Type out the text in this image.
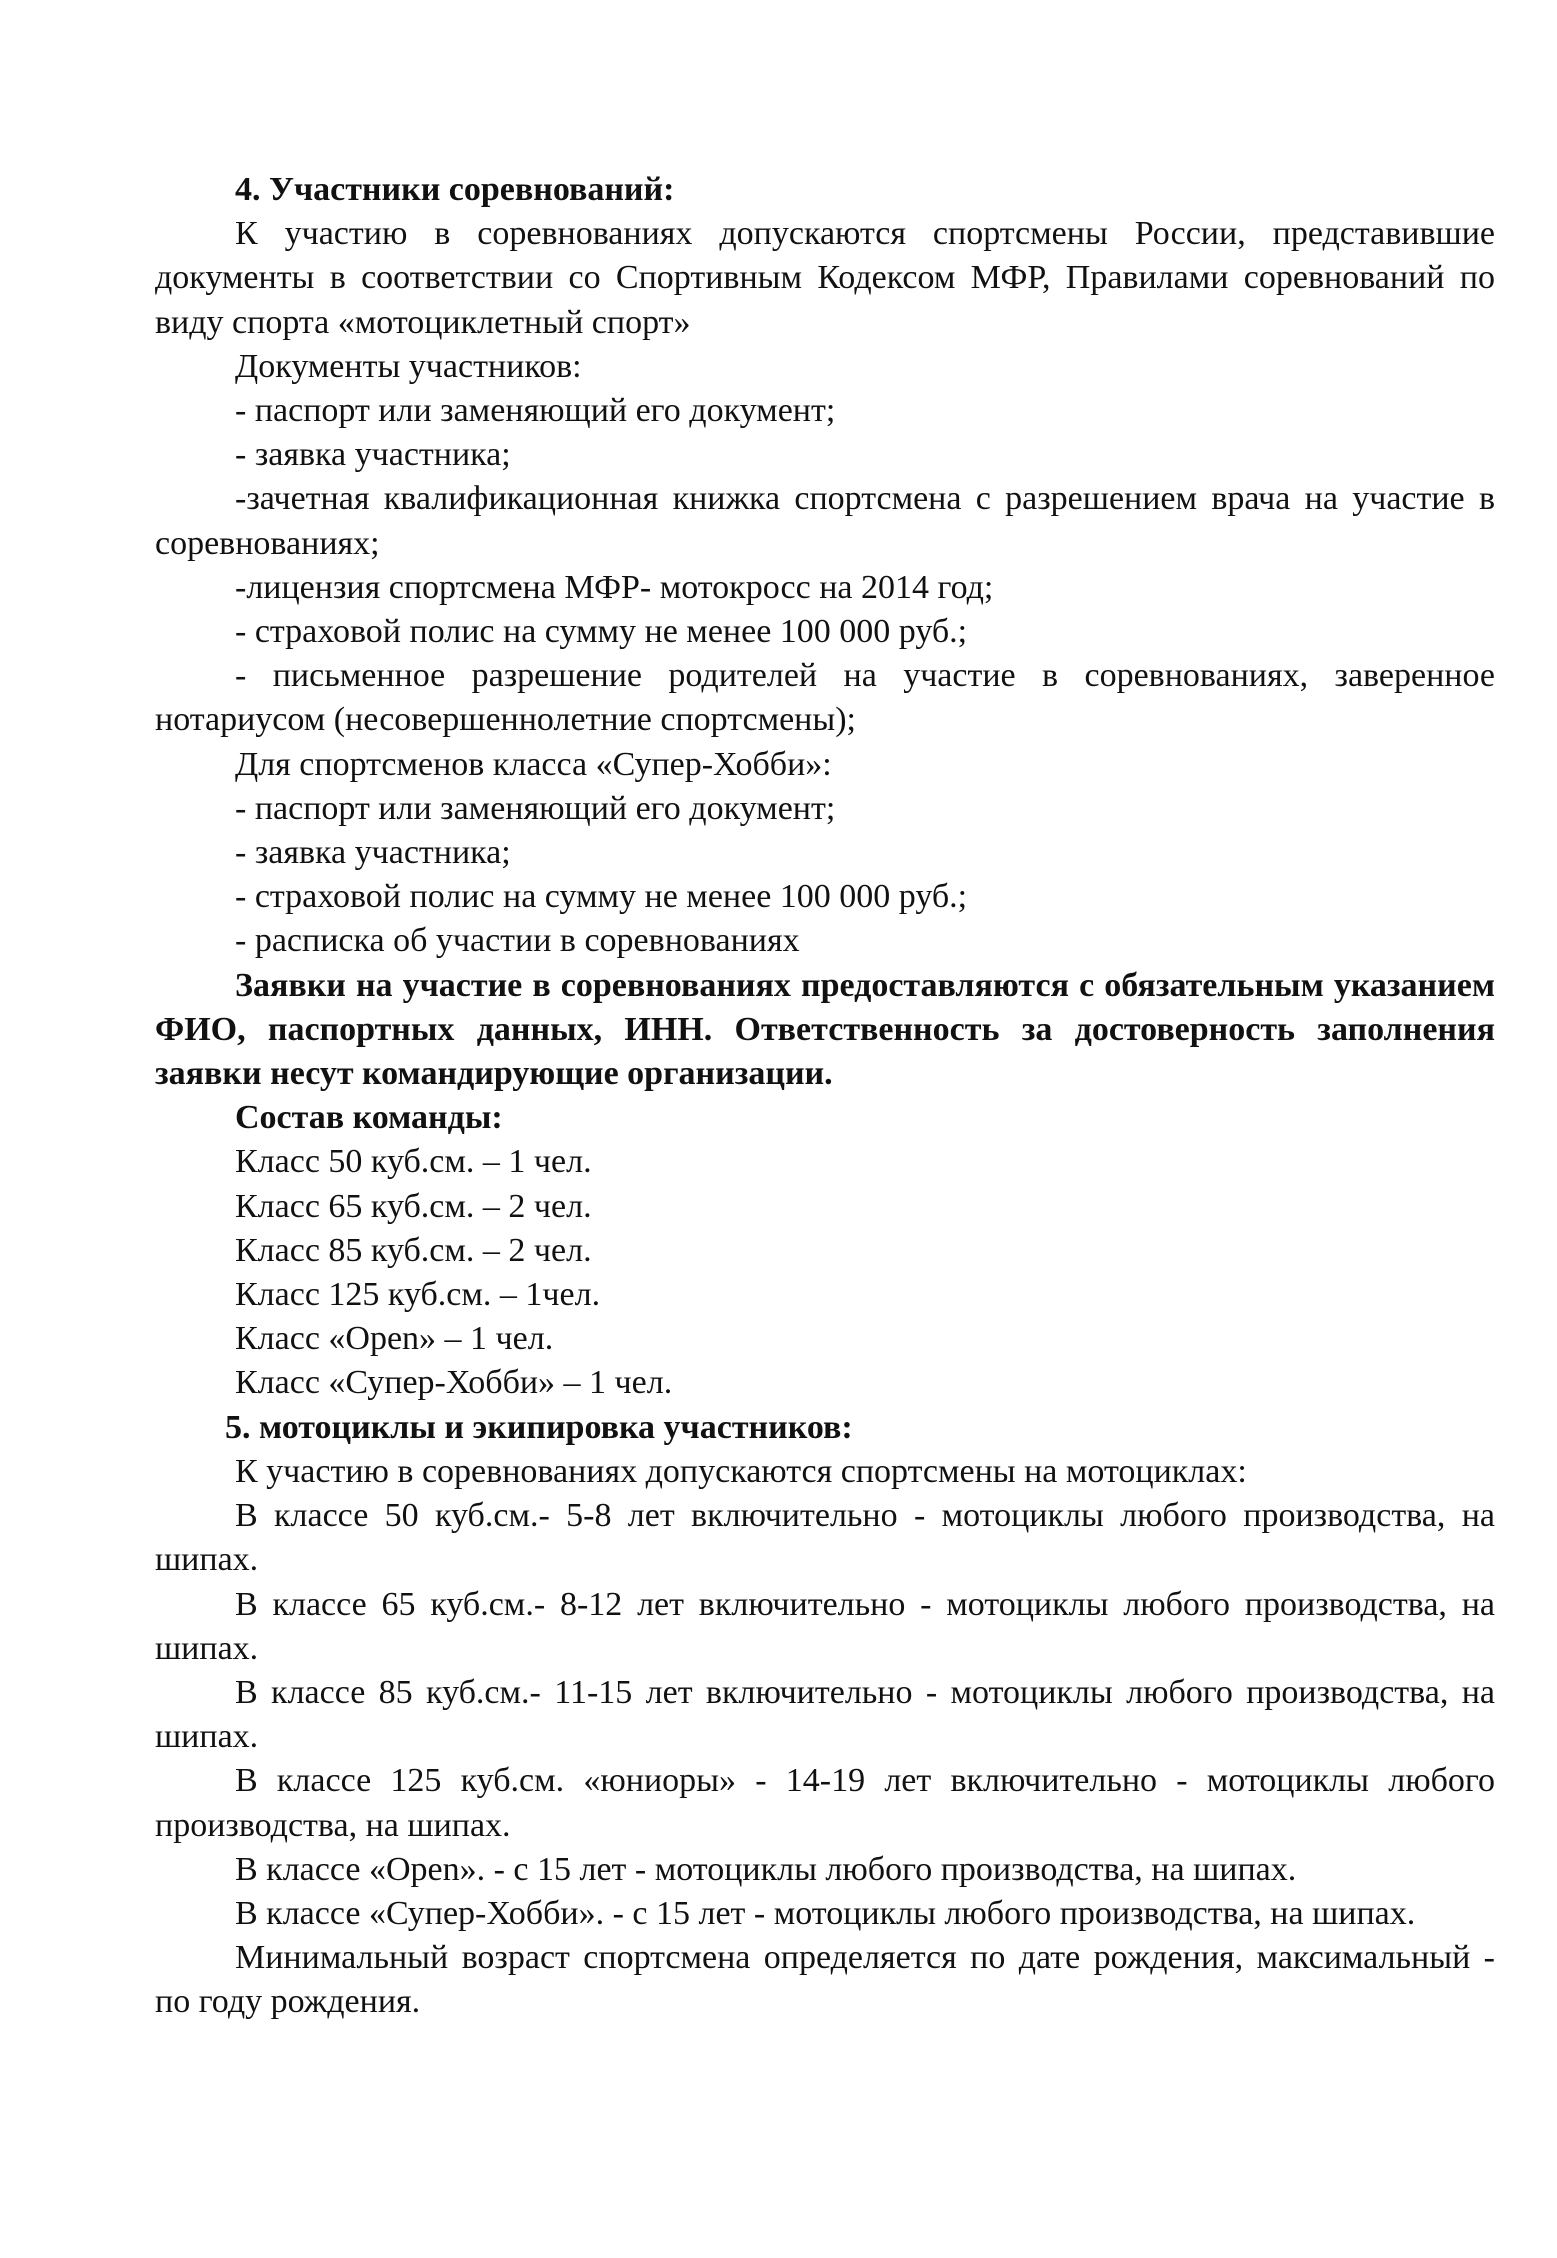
4. Участники соревнований:

К участию в соревнованиях допускаются спортсмены России, представившие документы в соответствии со Спортивным Кодексом МФР, Правилами соревнований по виду спорта «мотоциклетный спорт»

Документы участников:

- паспорт или заменяющий его документ;

- заявка участника;

-зачетная квалификационная книжка спортсмена с разрешением врача на участие в соревнованиях;

-лицензия спортсмена МФР- мотокросс на 2014 год;

- страховой полис на сумму не менее 100 000 руб.;

- письменное разрешение родителей на участие в соревнованиях, заверенное нотариусом (несовершеннолетние спортсмены);

Для спортсменов класса «Супер-Хобби»:

- паспорт или заменяющий его документ;

- заявка участника;

- страховой полис на сумму не менее 100 000 руб.;

- расписка об участии в соревнованиях

Заявки на участие в соревнованиях предоставляются с обязательным указанием ФИО, паспортных данных, ИНН. Ответственность за достоверность заполнения заявки несут командирующие организации.

Состав команды:

Класс 50 куб.см. – 1 чел.

Класс 65 куб.см. – 2 чел.

Класс 85 куб.см. – 2 чел.

Класс 125 куб.см. – 1чел.

Класс «Open» – 1 чел.

Класс «Супер-Хобби» – 1 чел.

5. мотоциклы и экипировка участников:

К участию в соревнованиях допускаются спортсмены на мотоциклах:

В классе 50 куб.см.- 5-8 лет включительно - мотоциклы любого производства, на шипах.

В классе 65 куб.см.- 8-12 лет включительно - мотоциклы любого производства, на шипах.

В классе 85 куб.см.- 11-15 лет включительно - мотоциклы любого производства, на шипах.

В классе 125 куб.см. «юниоры» - 14-19 лет включительно - мотоциклы любого производства, на шипах.

В классе «Open». - с 15 лет - мотоциклы любого производства, на шипах.

В классе «Супер-Хобби». - с 15 лет - мотоциклы любого производства, на шипах.

Минимальный возраст спортсмена определяется по дате рождения, максимальный - по году рождения.
